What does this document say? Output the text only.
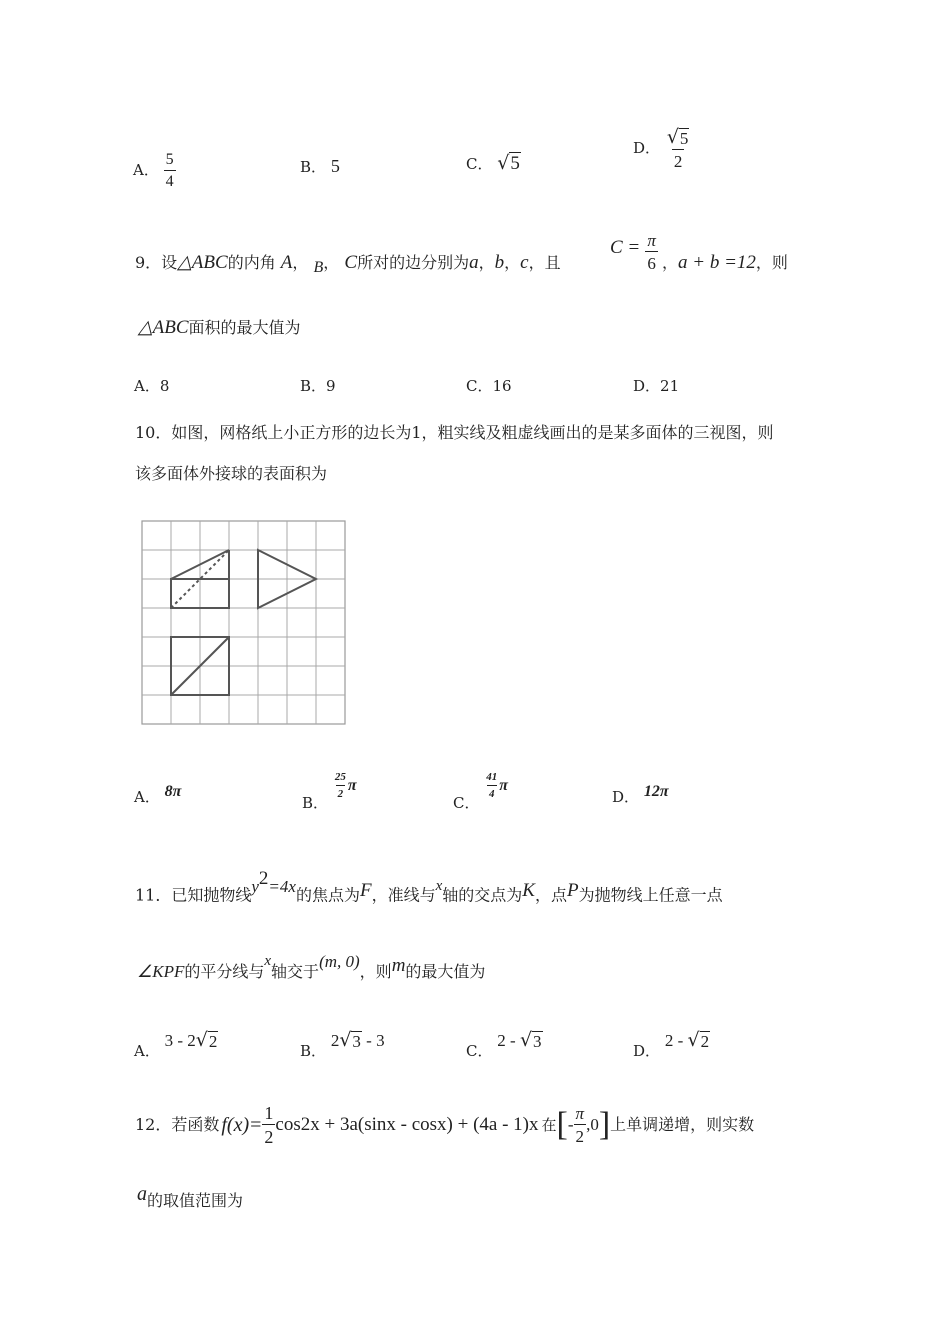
A． $\frac{5}{4}$	B． 5	C． √ 5
D． $\frac{√ 5}{2}$
9．设△ABC的内角 A， B， C所对的边分别为a，b，c，且
$C = \frac{\pi}{6}$ ，a + b =12，则
△ABC面积的最大值为
A．8	B．9	C．16	D．21
10．如图，网格纸上小正方形的边长为1，粗实线及粗虚线画出的是某多面体的三视图，则
该多面体外接球的表面积为
A． 8π
B．
$\frac{25}{2}$ π
C．
$\frac{41}{4}$ π
D． 12π
11．已知抛物线$y^2=4x$的焦点为F，准线与x轴的交点为K，点P为抛物线上任意一点
∠KPF的平分线与x轴交于(m, 0)，则m的最大值为
A． 3 - 2 √ 2	B． 2 √ 3 - 3
C． 2 - √ 3	D． 2 - √ 2
12．若函数 $f(x) = \frac{1}{2} \cos 2x + 3a(\sin x - \cos x) + (4a - 1)x$ 在 [ - $\frac{\pi}{2} ,0$ ] 上单调递增，则实数
a的取值范围为
